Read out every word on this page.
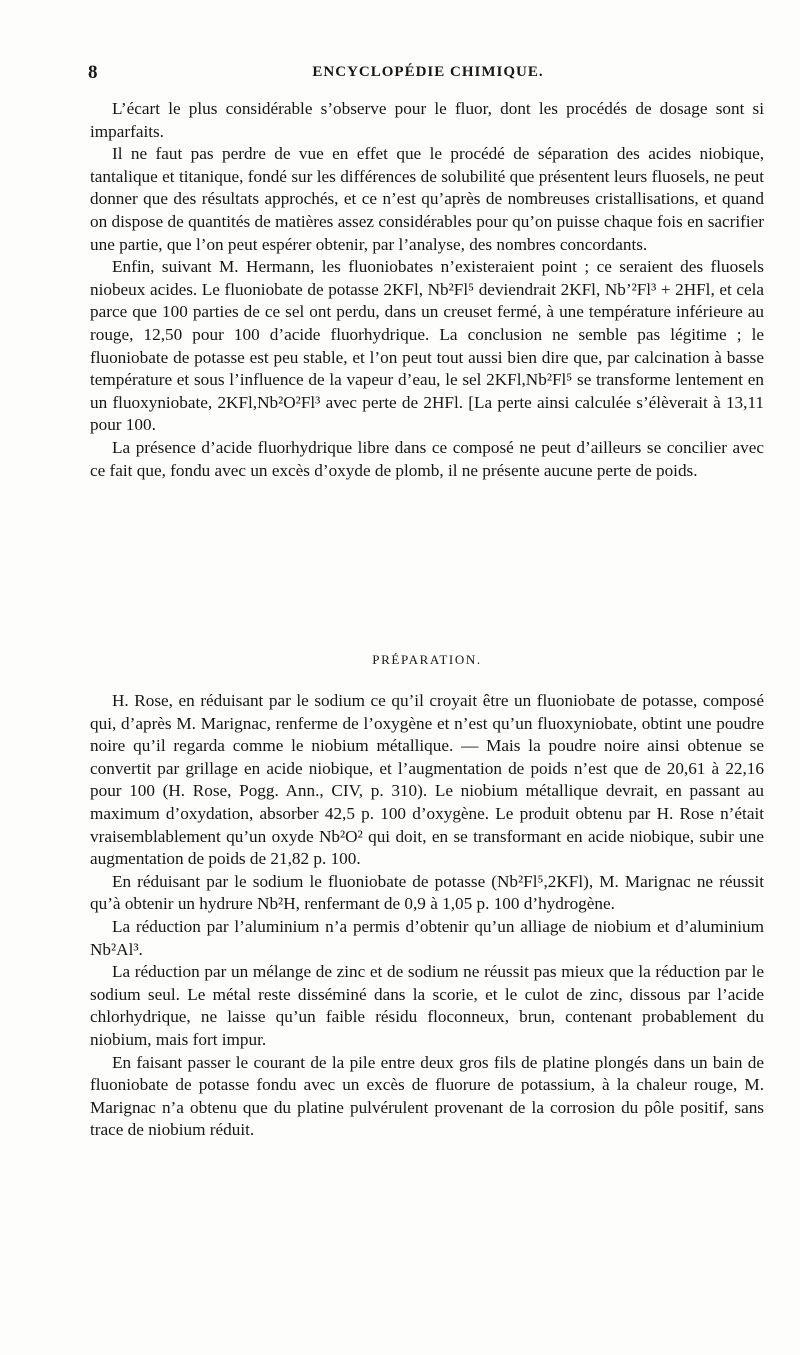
8	ENCYCLOPÉDIE CHIMIQUE.

L’écart le plus considérable s’observe pour le fluor, dont les procédés de dosage sont si imparfaits.

Il ne faut pas perdre de vue en effet que le procédé de séparation des acides niobique, tantalique et titanique, fondé sur les différences de solubilité que présentent leurs fluosels, ne peut donner que des résultats approchés, et ce n’est qu’après de nombreuses cristallisations, et quand on dispose de quantités de matières assez considérables pour qu’on puisse chaque fois en sacrifier une partie, que l’on peut espérer obtenir, par l’analyse, des nombres concordants.

Enfin, suivant M. Hermann, les fluoniobates n’existeraient point ; ce seraient des fluosels niobeux acides. Le fluoniobate de potasse 2KFl, Nb²Fl⁵ deviendrait 2KFl, Nb’²Fl³ + 2HFl, et cela parce que 100 parties de ce sel ont perdu, dans un creuset fermé, à une température inférieure au rouge, 12,50 pour 100 d’acide fluorhydrique. La conclusion ne semble pas légitime ; le fluoniobate de potasse est peu stable, et l’on peut tout aussi bien dire que, par calcination à basse température et sous l’influence de la vapeur d’eau, le sel 2KFl,Nb²Fl⁵ se transforme lentement en un fluoxyniobate, 2KFl,Nb²O²Fl³ avec perte de 2HFl. [La perte ainsi calculée s’élèverait à 13,11 pour 100.

La présence d’acide fluorhydrique libre dans ce composé ne peut d’ailleurs se concilier avec ce fait que, fondu avec un excès d’oxyde de plomb, il ne présente aucune perte de poids.

PRÉPARATION.

H. Rose, en réduisant par le sodium ce qu’il croyait être un fluoniobate de potasse, composé qui, d’après M. Marignac, renferme de l’oxygène et n’est qu’un fluoxyniobate, obtint une poudre noire qu’il regarda comme le niobium métallique. — Mais la poudre noire ainsi obtenue se convertit par grillage en acide niobique, et l’augmentation de poids n’est que de 20,61 à 22,16 pour 100 (H. Rose, Pogg. Ann., CIV, p. 310). Le niobium métallique devrait, en passant au maximum d’oxydation, absorber 42,5 p. 100 d’oxygène. Le produit obtenu par H. Rose n’était vraisemblablement qu’un oxyde Nb²O² qui doit, en se transformant en acide niobique, subir une augmentation de poids de 21,82 p. 100.

En réduisant par le sodium le fluoniobate de potasse (Nb²Fl⁵,2KFl), M. Marignac ne réussit qu’à obtenir un hydrure Nb²H, renfermant de 0,9 à 1,05 p. 100 d’hydrogène.

La réduction par l’aluminium n’a permis d’obtenir qu’un alliage de niobium et d’aluminium Nb²Al³.

La réduction par un mélange de zinc et de sodium ne réussit pas mieux que la réduction par le sodium seul. Le métal reste disséminé dans la scorie, et le culot de zinc, dissous par l’acide chlorhydrique, ne laisse qu’un faible résidu floconneux, brun, contenant probablement du niobium, mais fort impur.

En faisant passer le courant de la pile entre deux gros fils de platine plongés dans un bain de fluoniobate de potasse fondu avec un excès de fluorure de potassium, à la chaleur rouge, M. Marignac n’a obtenu que du platine pulvérulent provenant de la corrosion du pôle positif, sans trace de niobium réduit.
